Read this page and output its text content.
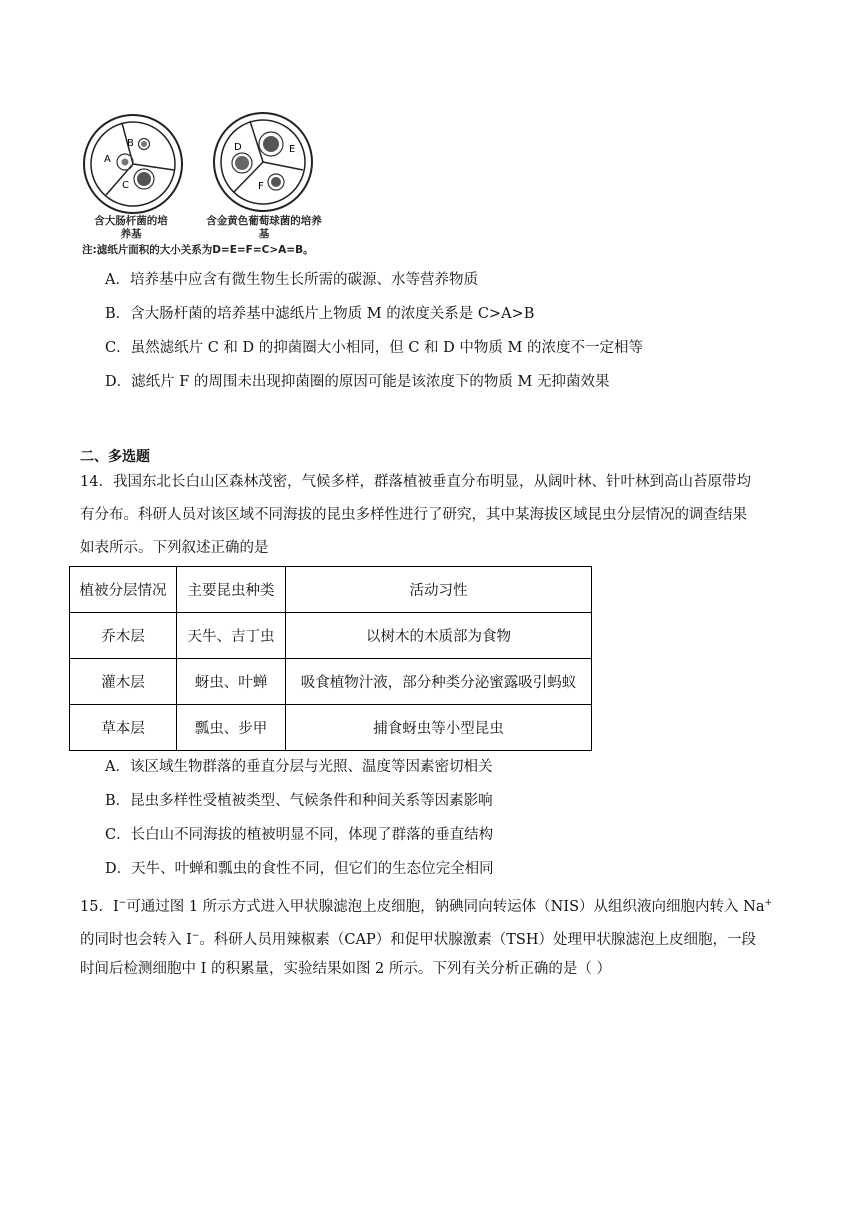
A
B
C
D	E
F
含大肠杆菌的培养基
含金黄色葡萄球菌的培养基
注:滤纸片面积的大小关系为D=E=F=C>A=B。
A．培养基中应含有微生物生长所需的碳源、水等营养物质
B．含大肠杆菌的培养基中滤纸片上物质 M 的浓度关系是 C>A>B
C．虽然滤纸片 C 和 D 的抑菌圈大小相同，但 C 和 D 中物质 M 的浓度不一定相等
D．滤纸片 F 的周围未出现抑菌圈的原因可能是该浓度下的物质 M 无抑菌效果
二、多选题
14．我国东北长白山区森林茂密，气候多样，群落植被垂直分布明显，从阔叶林、针叶林到高山苔原带均
有分布。科研人员对该区域不同海拔的昆虫多样性进行了研究，其中某海拔区域昆虫分层情况的调查结果
如表所示。下列叙述正确的是
植被分层情况	主要昆虫种类	活动习性
乔木层	天牛、吉丁虫	以树木的木质部为食物
灌木层	蚜虫、叶蝉	吸食植物汁液，部分种类分泌蜜露吸引蚂蚁
草本层	瓢虫、步甲	捕食蚜虫等小型昆虫
A．该区域生物群落的垂直分层与光照、温度等因素密切相关
B．昆虫多样性受植被类型、气候条件和种间关系等因素影响
C．长白山不同海拔的植被明显不同，体现了群落的垂直结构
D．天牛、叶蝉和瓢虫的食性不同，但它们的生态位完全相同
15．I−可通过图 1 所示方式进入甲状腺滤泡上皮细胞，钠碘同向转运体（NIS）从组织液向细胞内转入 Na+
的同时也会转入 I−。科研人员用辣椒素（CAP）和促甲状腺激素（TSH）处理甲状腺滤泡上皮细胞，一段
时间后检测细胞中 I 的积累量，实验结果如图 2 所示。下列有关分析正确的是（ ）
